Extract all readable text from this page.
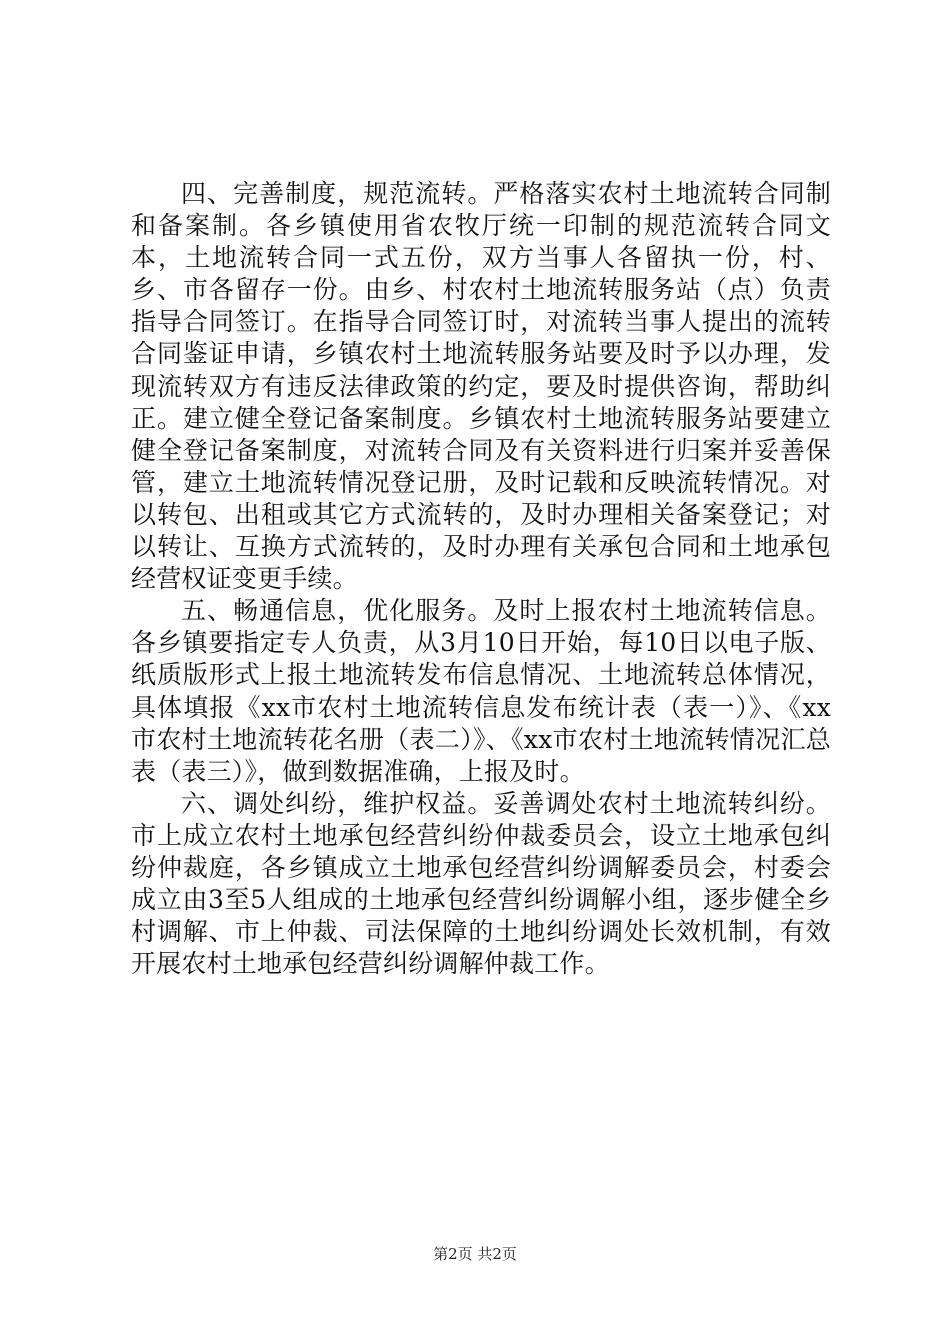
四、完善制度，规范流转。严格落实农村土地流转合同制和备案制。各乡镇使用省农牧厅统一印制的规范流转合同文本，土地流转合同一式五份，双方当事人各留执一份，村、乡、市各留存一份。由乡、村农村土地流转服务站（点）负责指导合同签订。在指导合同签订时，对流转当事人提出的流转合同鉴证申请，乡镇农村土地流转服务站要及时予以办理，发现流转双方有违反法律政策的约定，要及时提供咨询，帮助纠正。建立健全登记备案制度。乡镇农村土地流转服务站要建立健全登记备案制度，对流转合同及有关资料进行归案并妥善保管，建立土地流转情况登记册，及时记载和反映流转情况。对以转包、出租或其它方式流转的，及时办理相关备案登记；对以转让、互换方式流转的，及时办理有关承包合同和土地承包经营权证变更手续。

五、畅通信息，优化服务。及时上报农村土地流转信息。各乡镇要指定专人负责，从3月10日开始，每10日以电子版、纸质版形式上报土地流转发布信息情况、土地流转总体情况，具体填报《xx市农村土地流转信息发布统计表（表一）》、《xx市农村土地流转花名册（表二）》、《xx市农村土地流转情况汇总表（表三）》，做到数据准确，上报及时。

六、调处纠纷，维护权益。妥善调处农村土地流转纠纷。市上成立农村土地承包经营纠纷仲裁委员会，设立土地承包纠纷仲裁庭，各乡镇成立土地承包经营纠纷调解委员会，村委会成立由3至5人组成的土地承包经营纠纷调解小组，逐步健全乡村调解、市上仲裁、司法保障的土地纠纷调处长效机制，有效开展农村土地承包经营纠纷调解仲裁工作。

第2页 共2页
